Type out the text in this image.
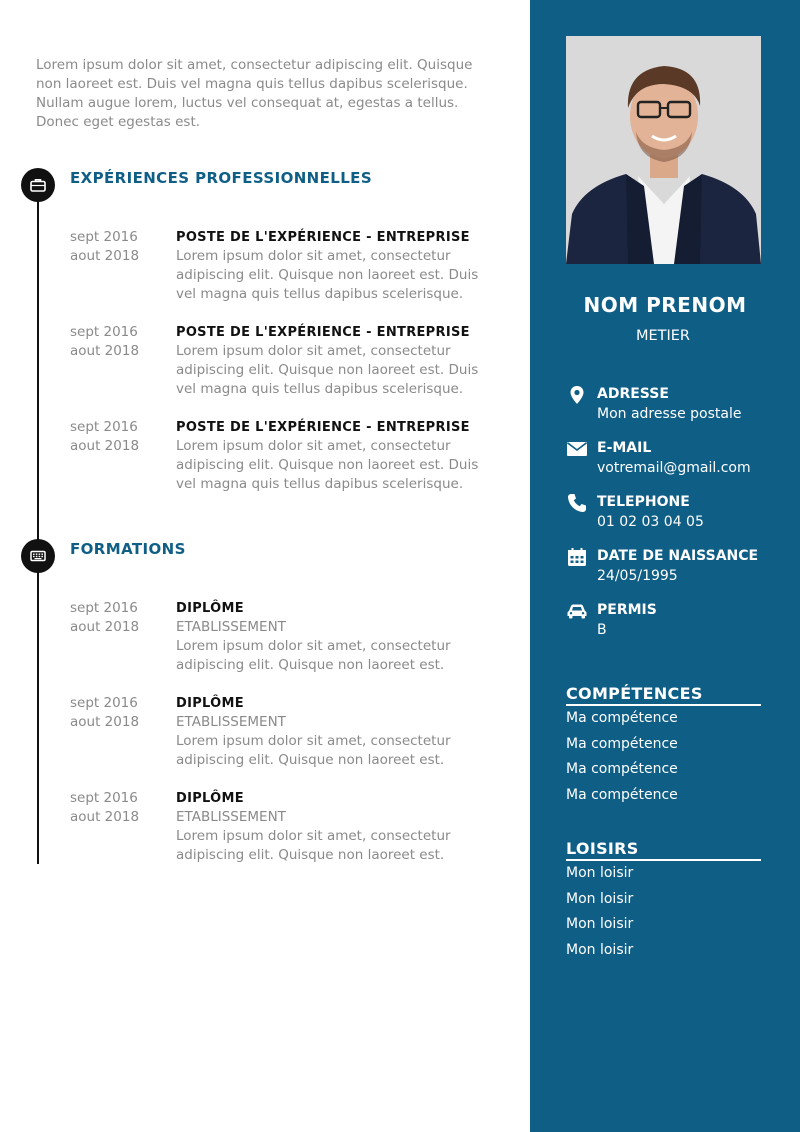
Lorem ipsum dolor sit amet, consectetur adipiscing elit. Quisque non laoreet est. Duis vel magna quis tellus dapibus scelerisque. Nullam augue lorem, luctus vel consequat at, egestas a tellus. Donec eget egestas est.

EXPÉRIENCES PROFESSIONNELLES
sept 2016
aout 2018
POSTE DE L'EXPÉRIENCE - ENTREPRISE
Lorem ipsum dolor sit amet, consectetur adipiscing elit. Quisque non laoreet est. Duis vel magna quis tellus dapibus scelerisque.
sept 2016
aout 2018
POSTE DE L'EXPÉRIENCE - ENTREPRISE
Lorem ipsum dolor sit amet, consectetur adipiscing elit. Quisque non laoreet est. Duis vel magna quis tellus dapibus scelerisque.
sept 2016
aout 2018
POSTE DE L'EXPÉRIENCE - ENTREPRISE
Lorem ipsum dolor sit amet, consectetur adipiscing elit. Quisque non laoreet est. Duis vel magna quis tellus dapibus scelerisque.
FORMATIONS
sept 2016
aout 2018
DIPLÔME
ETABLISSEMENT
Lorem ipsum dolor sit amet, consectetur adipiscing elit. Quisque non laoreet est.
sept 2016
aout 2018
DIPLÔME
ETABLISSEMENT
Lorem ipsum dolor sit amet, consectetur adipiscing elit. Quisque non laoreet est.
sept 2016
aout 2018
DIPLÔME
ETABLISSEMENT
Lorem ipsum dolor sit amet, consectetur adipiscing elit. Quisque non laoreet est.
NOM PRENOM
METIER
ADRESSE
Mon adresse postale
E-MAIL
votremail@gmail.com
TELEPHONE
01 02 03 04 05
DATE DE NAISSANCE
24/05/1995
PERMIS
B
COMPÉTENCES
Ma compétence
Ma compétence
Ma compétence
Ma compétence
LOISIRS
Mon loisir
Mon loisir
Mon loisir
Mon loisir
